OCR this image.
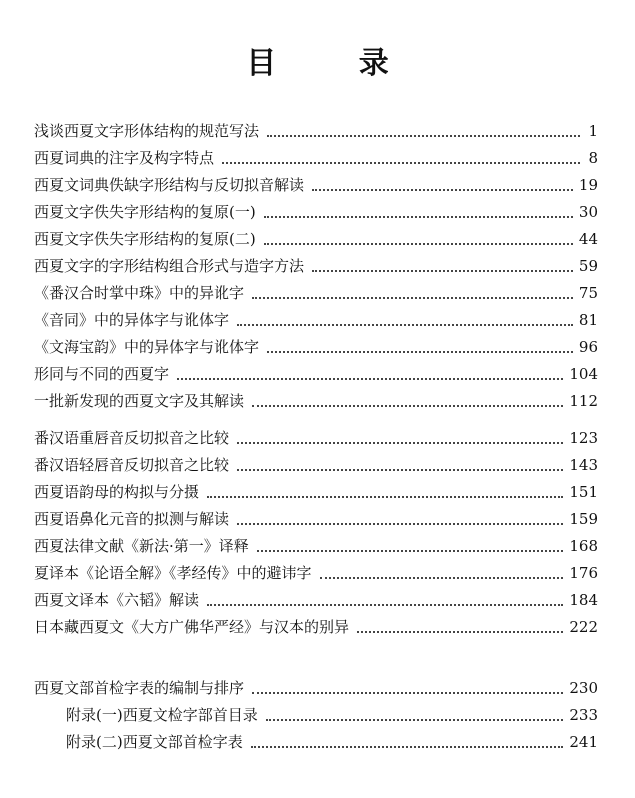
目 录
浅谈西夏文字形体结构的规范写法	1
西夏词典的注字及构字特点	8
西夏文词典佚缺字形结构与反切拟音解读	19
西夏文字佚失字形结构的复原(一)	30
西夏文字佚失字形结构的复原(二)	44
西夏文字的字形结构组合形式与造字方法	59
《番汉合时掌中珠》中的异讹字	75
《音同》中的异体字与讹体字	81
《文海宝韵》中的异体字与讹体字	96
形同与不同的西夏字	104
一批新发现的西夏文字及其解读	112
番汉语重唇音反切拟音之比较	123
番汉语轻唇音反切拟音之比较	143
西夏语韵母的构拟与分摄	151
西夏语鼻化元音的拟测与解读	159
西夏法律文献《新法·第一》译释	168
夏译本《论语全解》《孝经传》中的避讳字	176
西夏文译本《六韬》解读	184
日本藏西夏文《大方广佛华严经》与汉本的别异	222
西夏文部首检字表的编制与排序	230
附录(一)西夏文检字部首目录	233
附录(二)西夏文部首检字表	241
